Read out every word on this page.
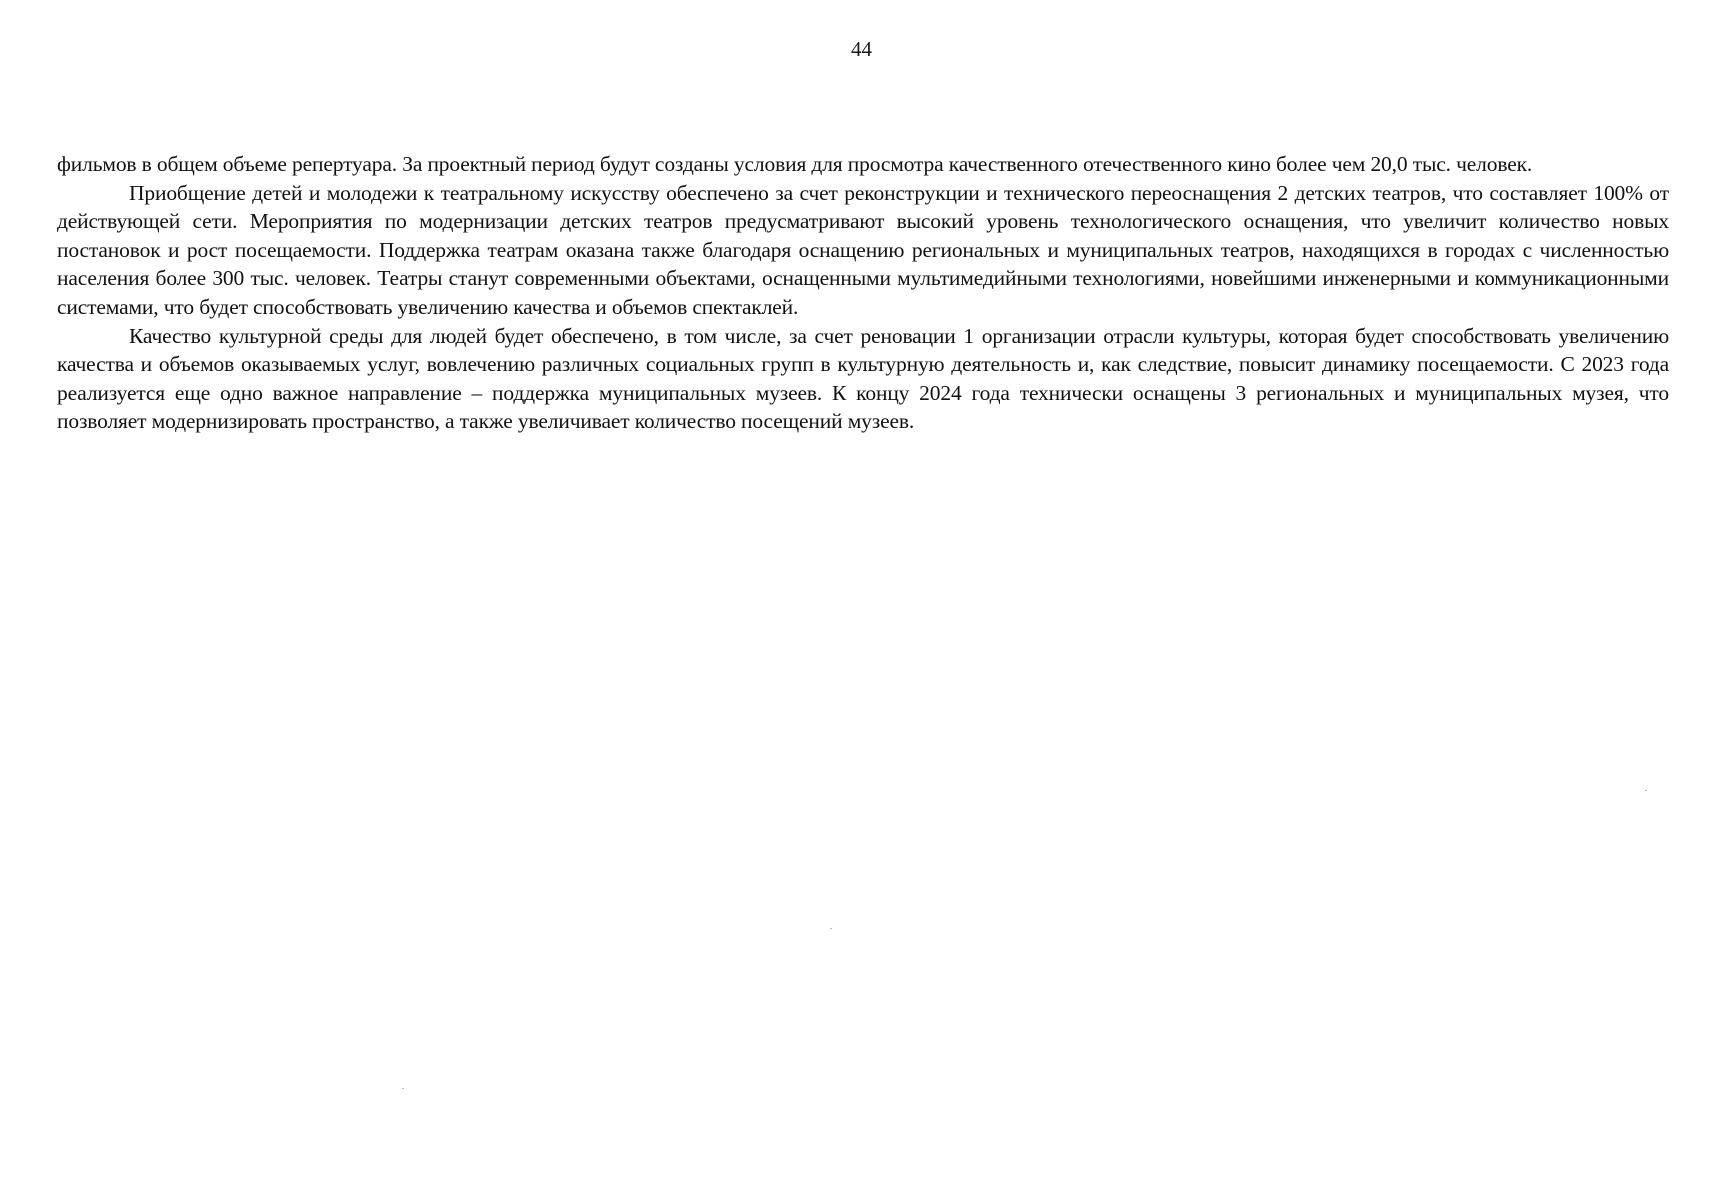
44

фильмов в общем объеме репертуара. За проектный период будут созданы условия для просмотра качественного отечественного кино более чем 20,0 тыс. человек.

Приобщение детей и молодежи к театральному искусству обеспечено за счет реконструкции и технического переоснащения 2 детских театров, что составляет 100% от действующей сети. Мероприятия по модернизации детских театров предусматривают высокий уровень технологического оснащения, что увеличит количество новых постановок и рост посещаемости. Поддержка театрам оказана также благодаря оснащению региональных и муниципальных театров, находящихся в городах с численностью населения более 300 тыс. человек. Театры станут современными объектами, оснащенными мультимедийными технологиями, новейшими инженерными и коммуникационными системами, что будет способствовать увеличению качества и объемов спектаклей.

Качество культурной среды для людей будет обеспечено, в том числе, за счет реновации 1 организации отрасли культуры, которая будет способствовать увеличению качества и объемов оказываемых услуг, вовлечению различных социальных групп в культурную деятельность и, как следствие, повысит динамику посещаемости. С 2023 года реализуется еще одно важное направление – поддержка муниципальных музеев. К концу 2024 года технически оснащены 3 региональных и муниципальных музея, что позволяет модернизировать пространство, а также увеличивает количество посещений музеев.
